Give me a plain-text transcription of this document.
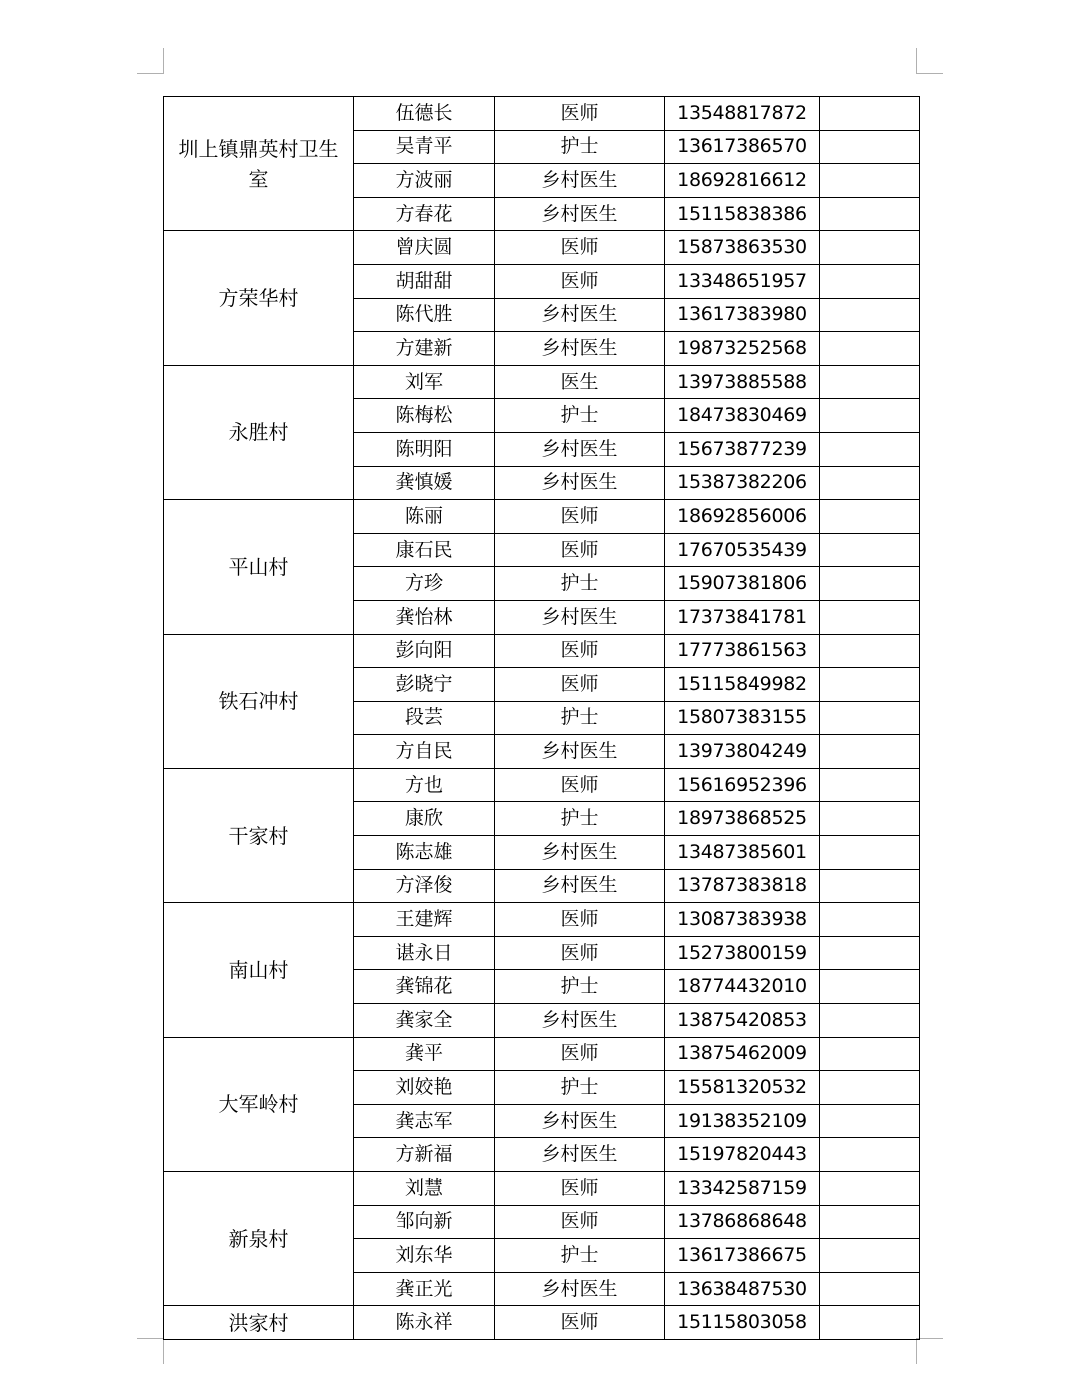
圳上镇鼎英村卫生室	伍德长	医师	13548817872	
	吴青平	护士	13617386570	
	方波丽	乡村医生	18692816612	
	方春花	乡村医生	15115838386	
方荣华村	曾庆圆	医师	15873863530	
	胡甜甜	医师	13348651957	
	陈代胜	乡村医生	13617383980	
	方建新	乡村医生	19873252568	
永胜村	刘军	医生	13973885588	
	陈梅松	护士	18473830469	
	陈明阳	乡村医生	15673877239	
	龚慎媛	乡村医生	15387382206	
平山村	陈丽	医师	18692856006	
	康石民	医师	17670535439	
	方珍	护士	15907381806	
	龚怡林	乡村医生	17373841781	
铁石冲村	彭向阳	医师	17773861563	
	彭晓宁	医师	15115849982	
	段芸	护士	15807383155	
	方自民	乡村医生	13973804249	
干家村	方也	医师	15616952396	
	康欣	护士	18973868525	
	陈志雄	乡村医生	13487385601	
	方泽俊	乡村医生	13787383818	
南山村	王建辉	医师	13087383938	
	谌永日	医师	15273800159	
	龚锦花	护士	18774432010	
	龚家全	乡村医生	13875420853	
大军岭村	龚平	医师	13875462009	
	刘姣艳	护士	15581320532	
	龚志军	乡村医生	19138352109	
	方新福	乡村医生	15197820443	
新泉村	刘慧	医师	13342587159	
	邹向新	医师	13786868648	
	刘东华	护士	13617386675	
	龚正光	乡村医生	13638487530	
洪家村	陈永祥	医师	15115803058	
